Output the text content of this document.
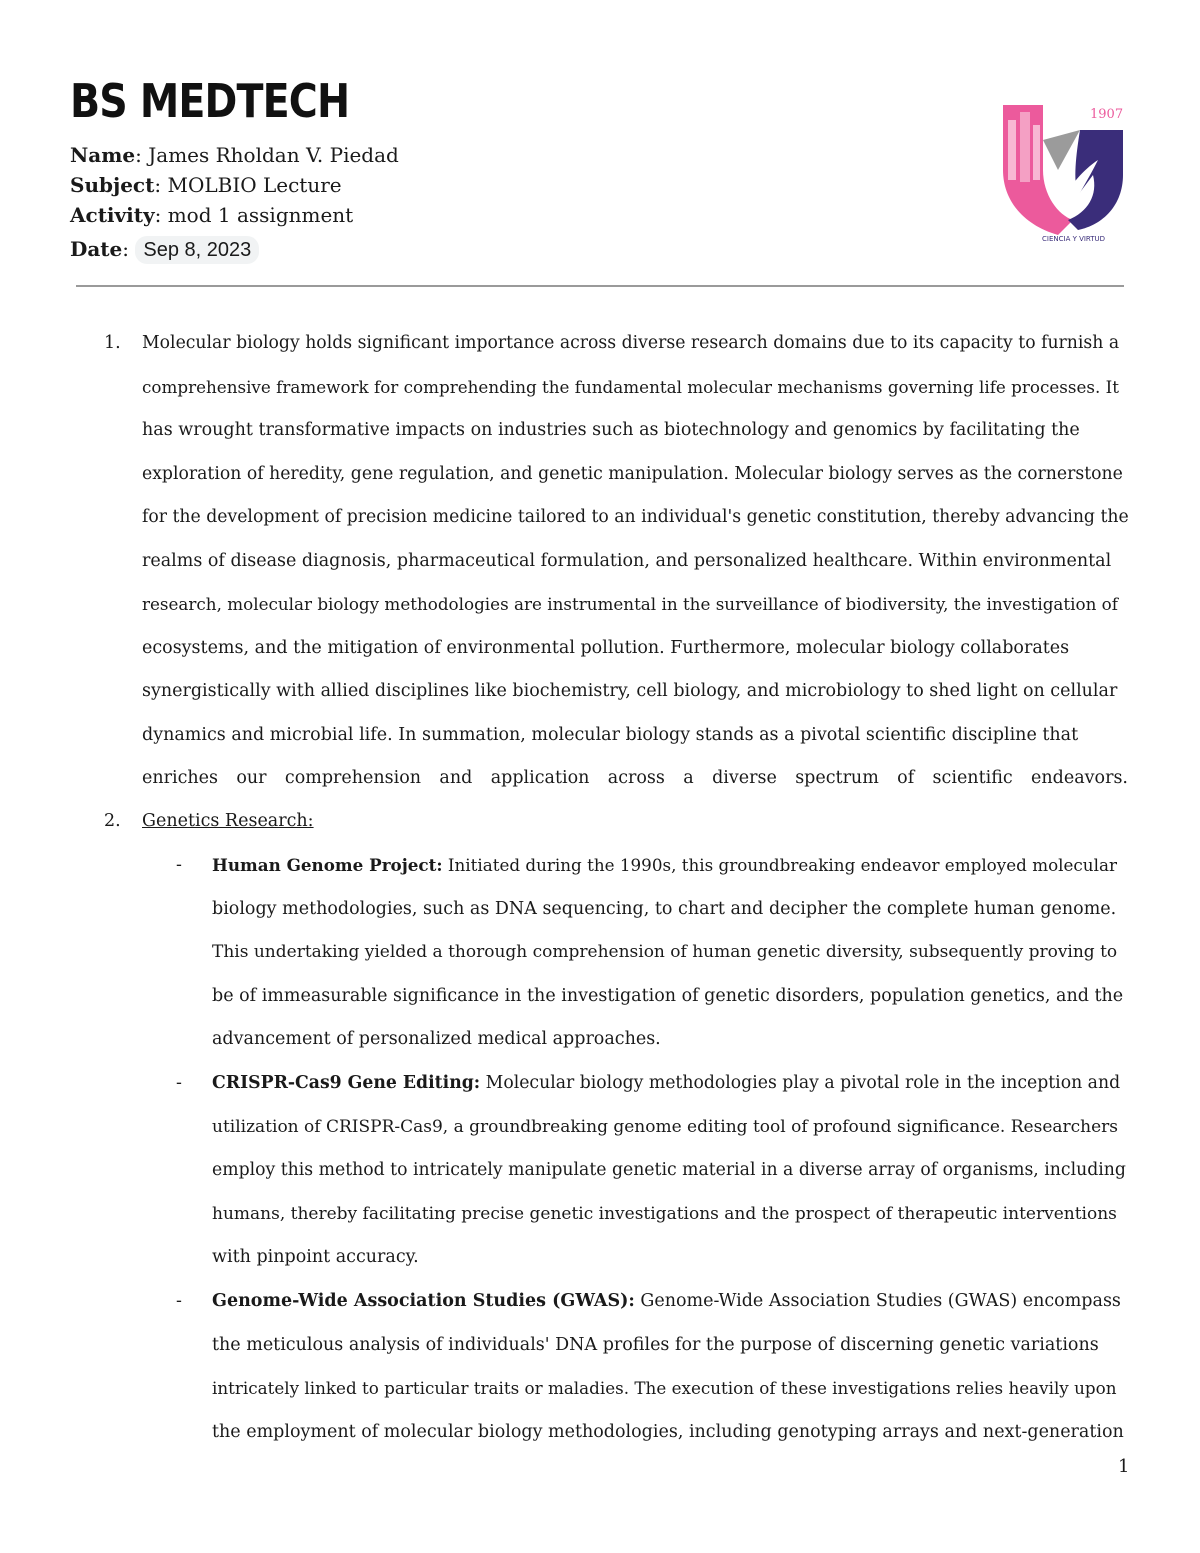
BS MEDTECH
Name: James Rholdan V. Piedad
Subject: MOLBIO Lecture
Activity: mod 1 assignment
Date: Sep 8, 2023
1907
CIENCIA Y VIRTUD
1. Molecular biology holds significant importance across diverse research domains due to its capacity to furnish a
comprehensive framework for comprehending the fundamental molecular mechanisms governing life processes. It
has wrought transformative impacts on industries such as biotechnology and genomics by facilitating the
exploration of heredity, gene regulation, and genetic manipulation. Molecular biology serves as the cornerstone
for the development of precision medicine tailored to an individual's genetic constitution, thereby advancing the
realms of disease diagnosis, pharmaceutical formulation, and personalized healthcare. Within environmental
research, molecular biology methodologies are instrumental in the surveillance of biodiversity, the investigation of
ecosystems, and the mitigation of environmental pollution. Furthermore, molecular biology collaborates
synergistically with allied disciplines like biochemistry, cell biology, and microbiology to shed light on cellular
dynamics and microbial life. In summation, molecular biology stands as a pivotal scientific discipline that
enriches our comprehension and application across a diverse spectrum of scientific endeavors.
2. Genetics Research:
- Human Genome Project: Initiated during the 1990s, this groundbreaking endeavor employed molecular
biology methodologies, such as DNA sequencing, to chart and decipher the complete human genome.
This undertaking yielded a thorough comprehension of human genetic diversity, subsequently proving to
be of immeasurable significance in the investigation of genetic disorders, population genetics, and the
advancement of personalized medical approaches.
- CRISPR-Cas9 Gene Editing: Molecular biology methodologies play a pivotal role in the inception and
utilization of CRISPR-Cas9, a groundbreaking genome editing tool of profound significance. Researchers
employ this method to intricately manipulate genetic material in a diverse array of organisms, including
humans, thereby facilitating precise genetic investigations and the prospect of therapeutic interventions
with pinpoint accuracy.
- Genome-Wide Association Studies (GWAS): Genome-Wide Association Studies (GWAS) encompass
the meticulous analysis of individuals' DNA profiles for the purpose of discerning genetic variations
intricately linked to particular traits or maladies. The execution of these investigations relies heavily upon
the employment of molecular biology methodologies, including genotyping arrays and next-generation
1
